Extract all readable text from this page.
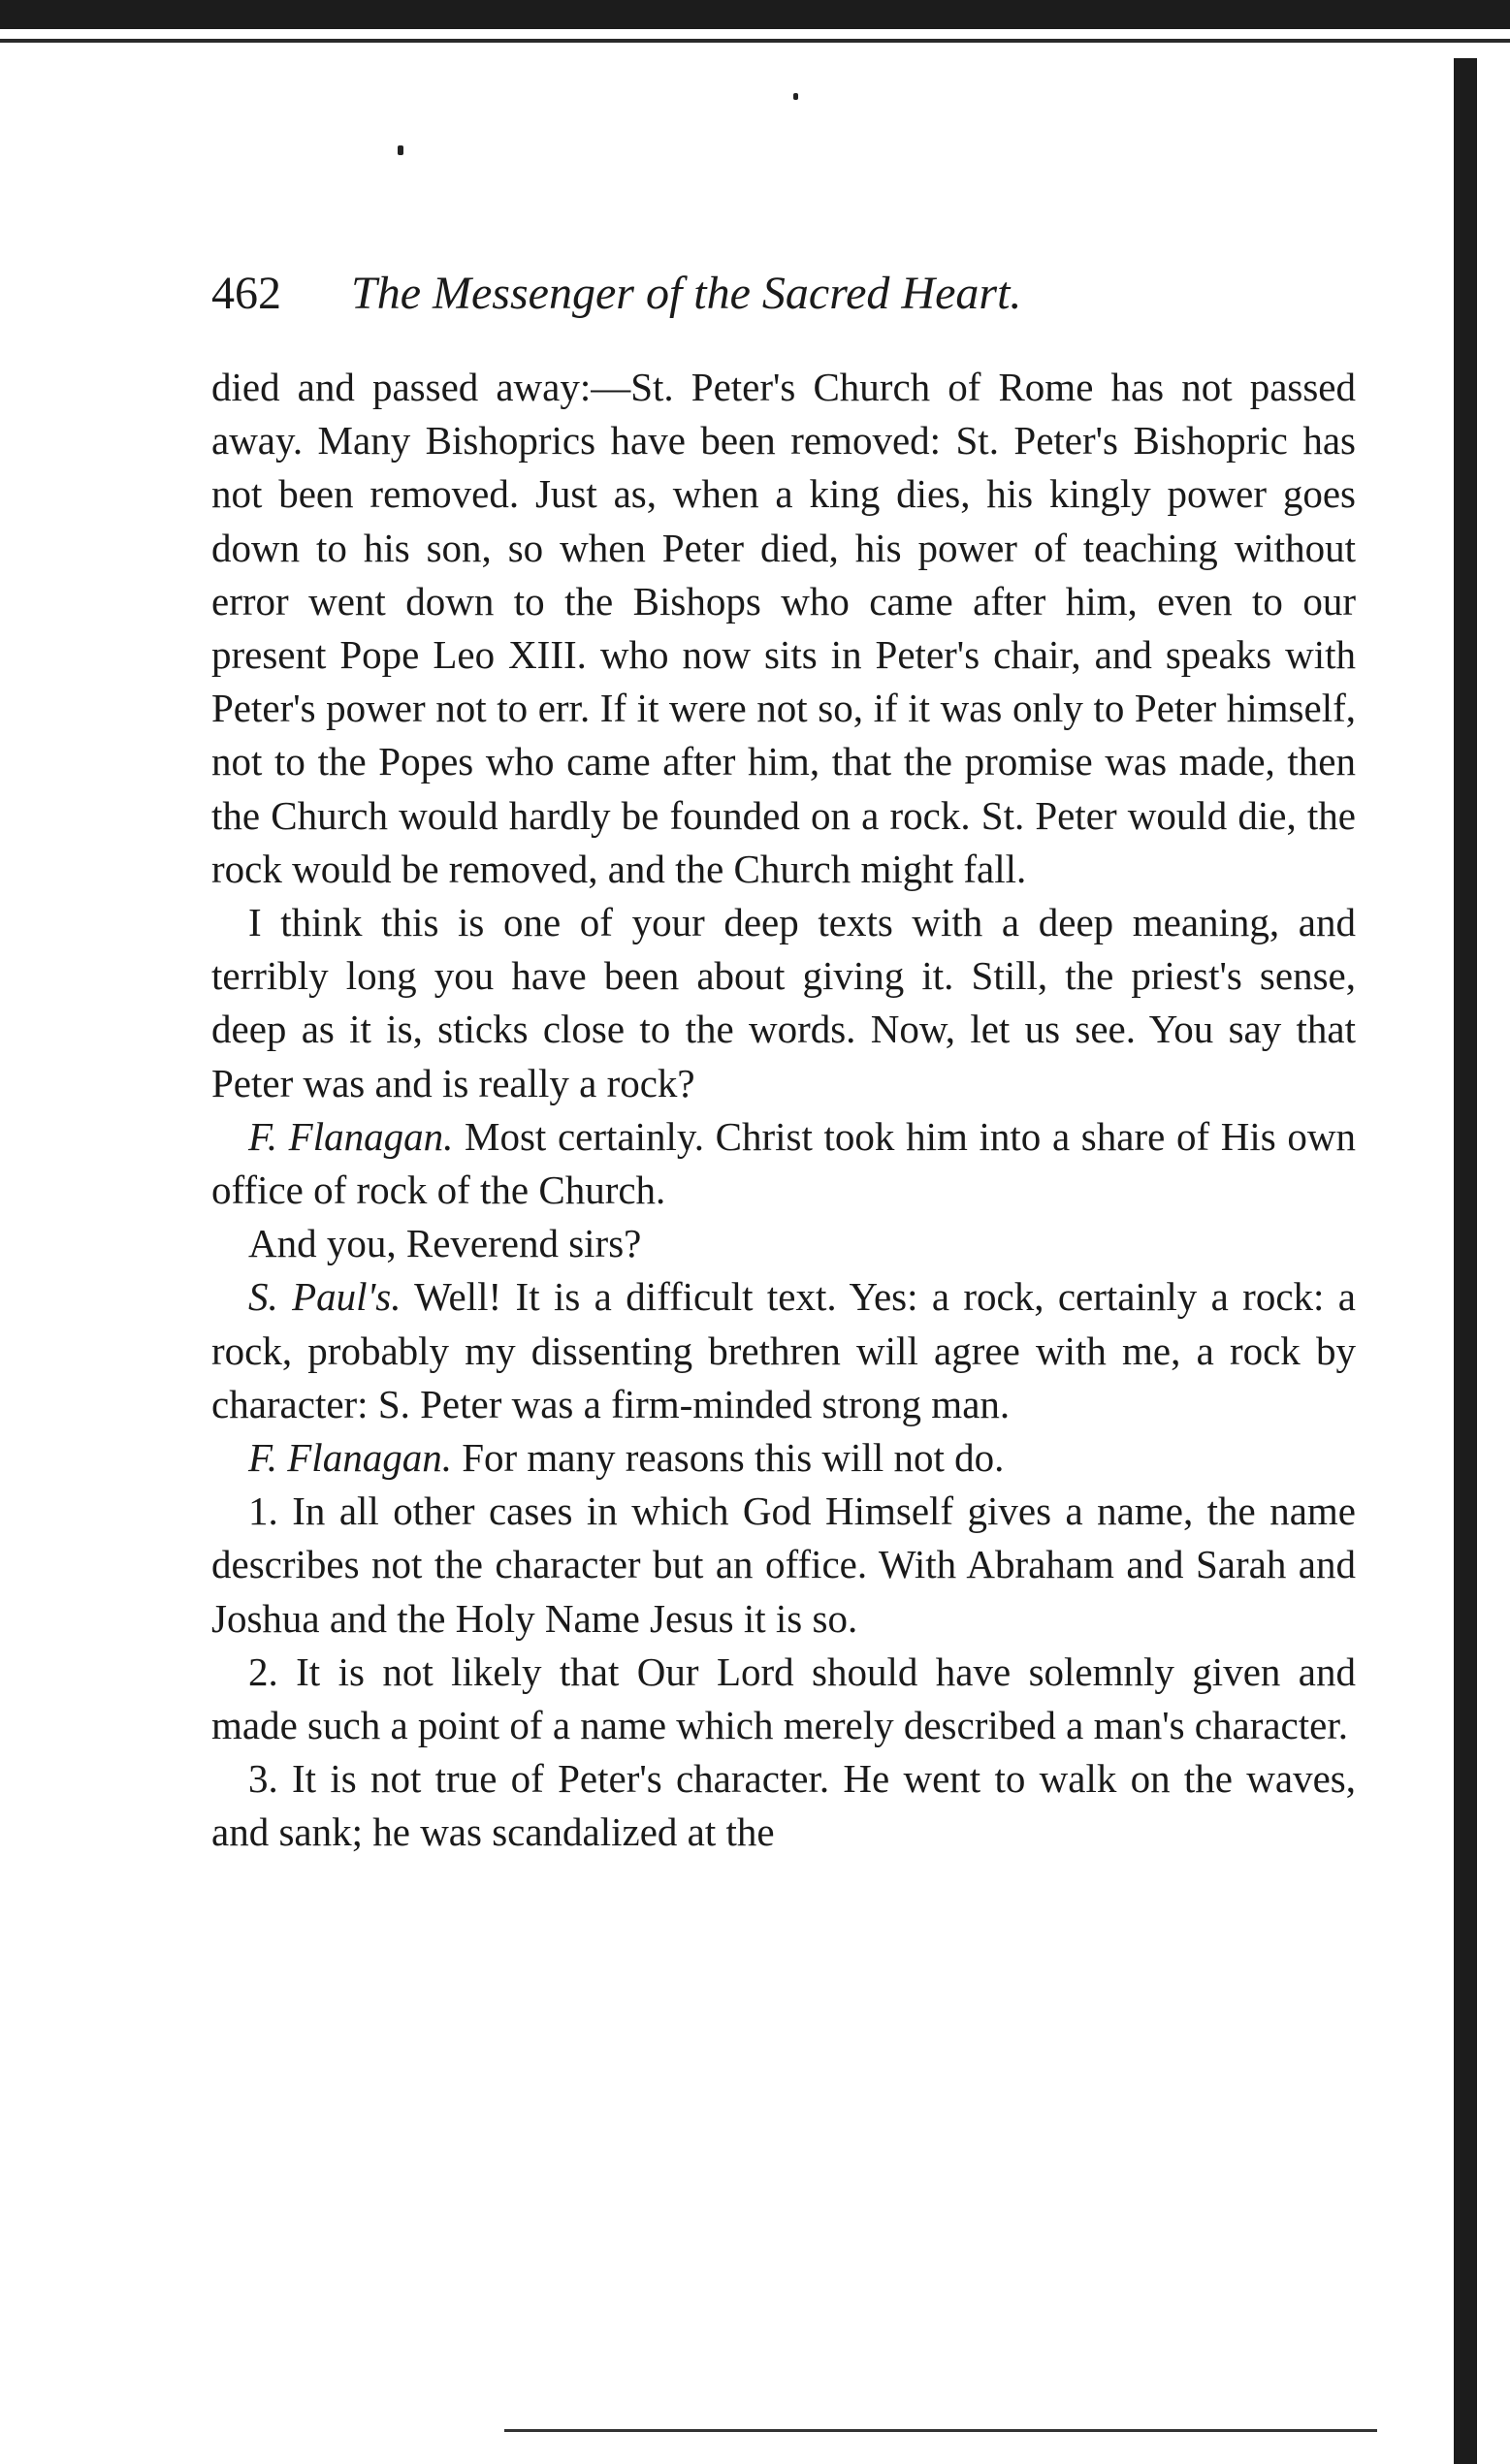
462 The Messenger of the Sacred Heart.

died and passed away:—St. Peter's Church of Rome has not passed away. Many Bishoprics have been removed: St. Peter's Bishopric has not been removed. Just as, when a king dies, his kingly power goes down to his son, so when Peter died, his power of teaching without error went down to the Bishops who came after him, even to our present Pope Leo XIII. who now sits in Peter's chair, and speaks with Peter's power not to err. If it were not so, if it was only to Peter himself, not to the Popes who came after him, that the promise was made, then the Church would hardly be founded on a rock. St. Peter would die, the rock would be removed, and the Church might fall.

I think this is one of your deep texts with a deep meaning, and terribly long you have been about giving it. Still, the priest's sense, deep as it is, sticks close to the words. Now, let us see. You say that Peter was and is really a rock?

F. Flanagan. Most certainly. Christ took him into a share of His own office of rock of the Church.

And you, Reverend sirs?

S. Paul's. Well! It is a difficult text. Yes: a rock, certainly a rock: a rock, probably my dissenting brethren will agree with me, a rock by character: S. Peter was a firm-minded strong man.

F. Flanagan. For many reasons this will not do.

1. In all other cases in which God Himself gives a name, the name describes not the character but an office. With Abraham and Sarah and Joshua and the Holy Name Jesus it is so.

2. It is not likely that Our Lord should have solemnly given and made such a point of a name which merely described a man's character.

3. It is not true of Peter's character. He went to walk on the waves, and sank; he was scandalized at the
